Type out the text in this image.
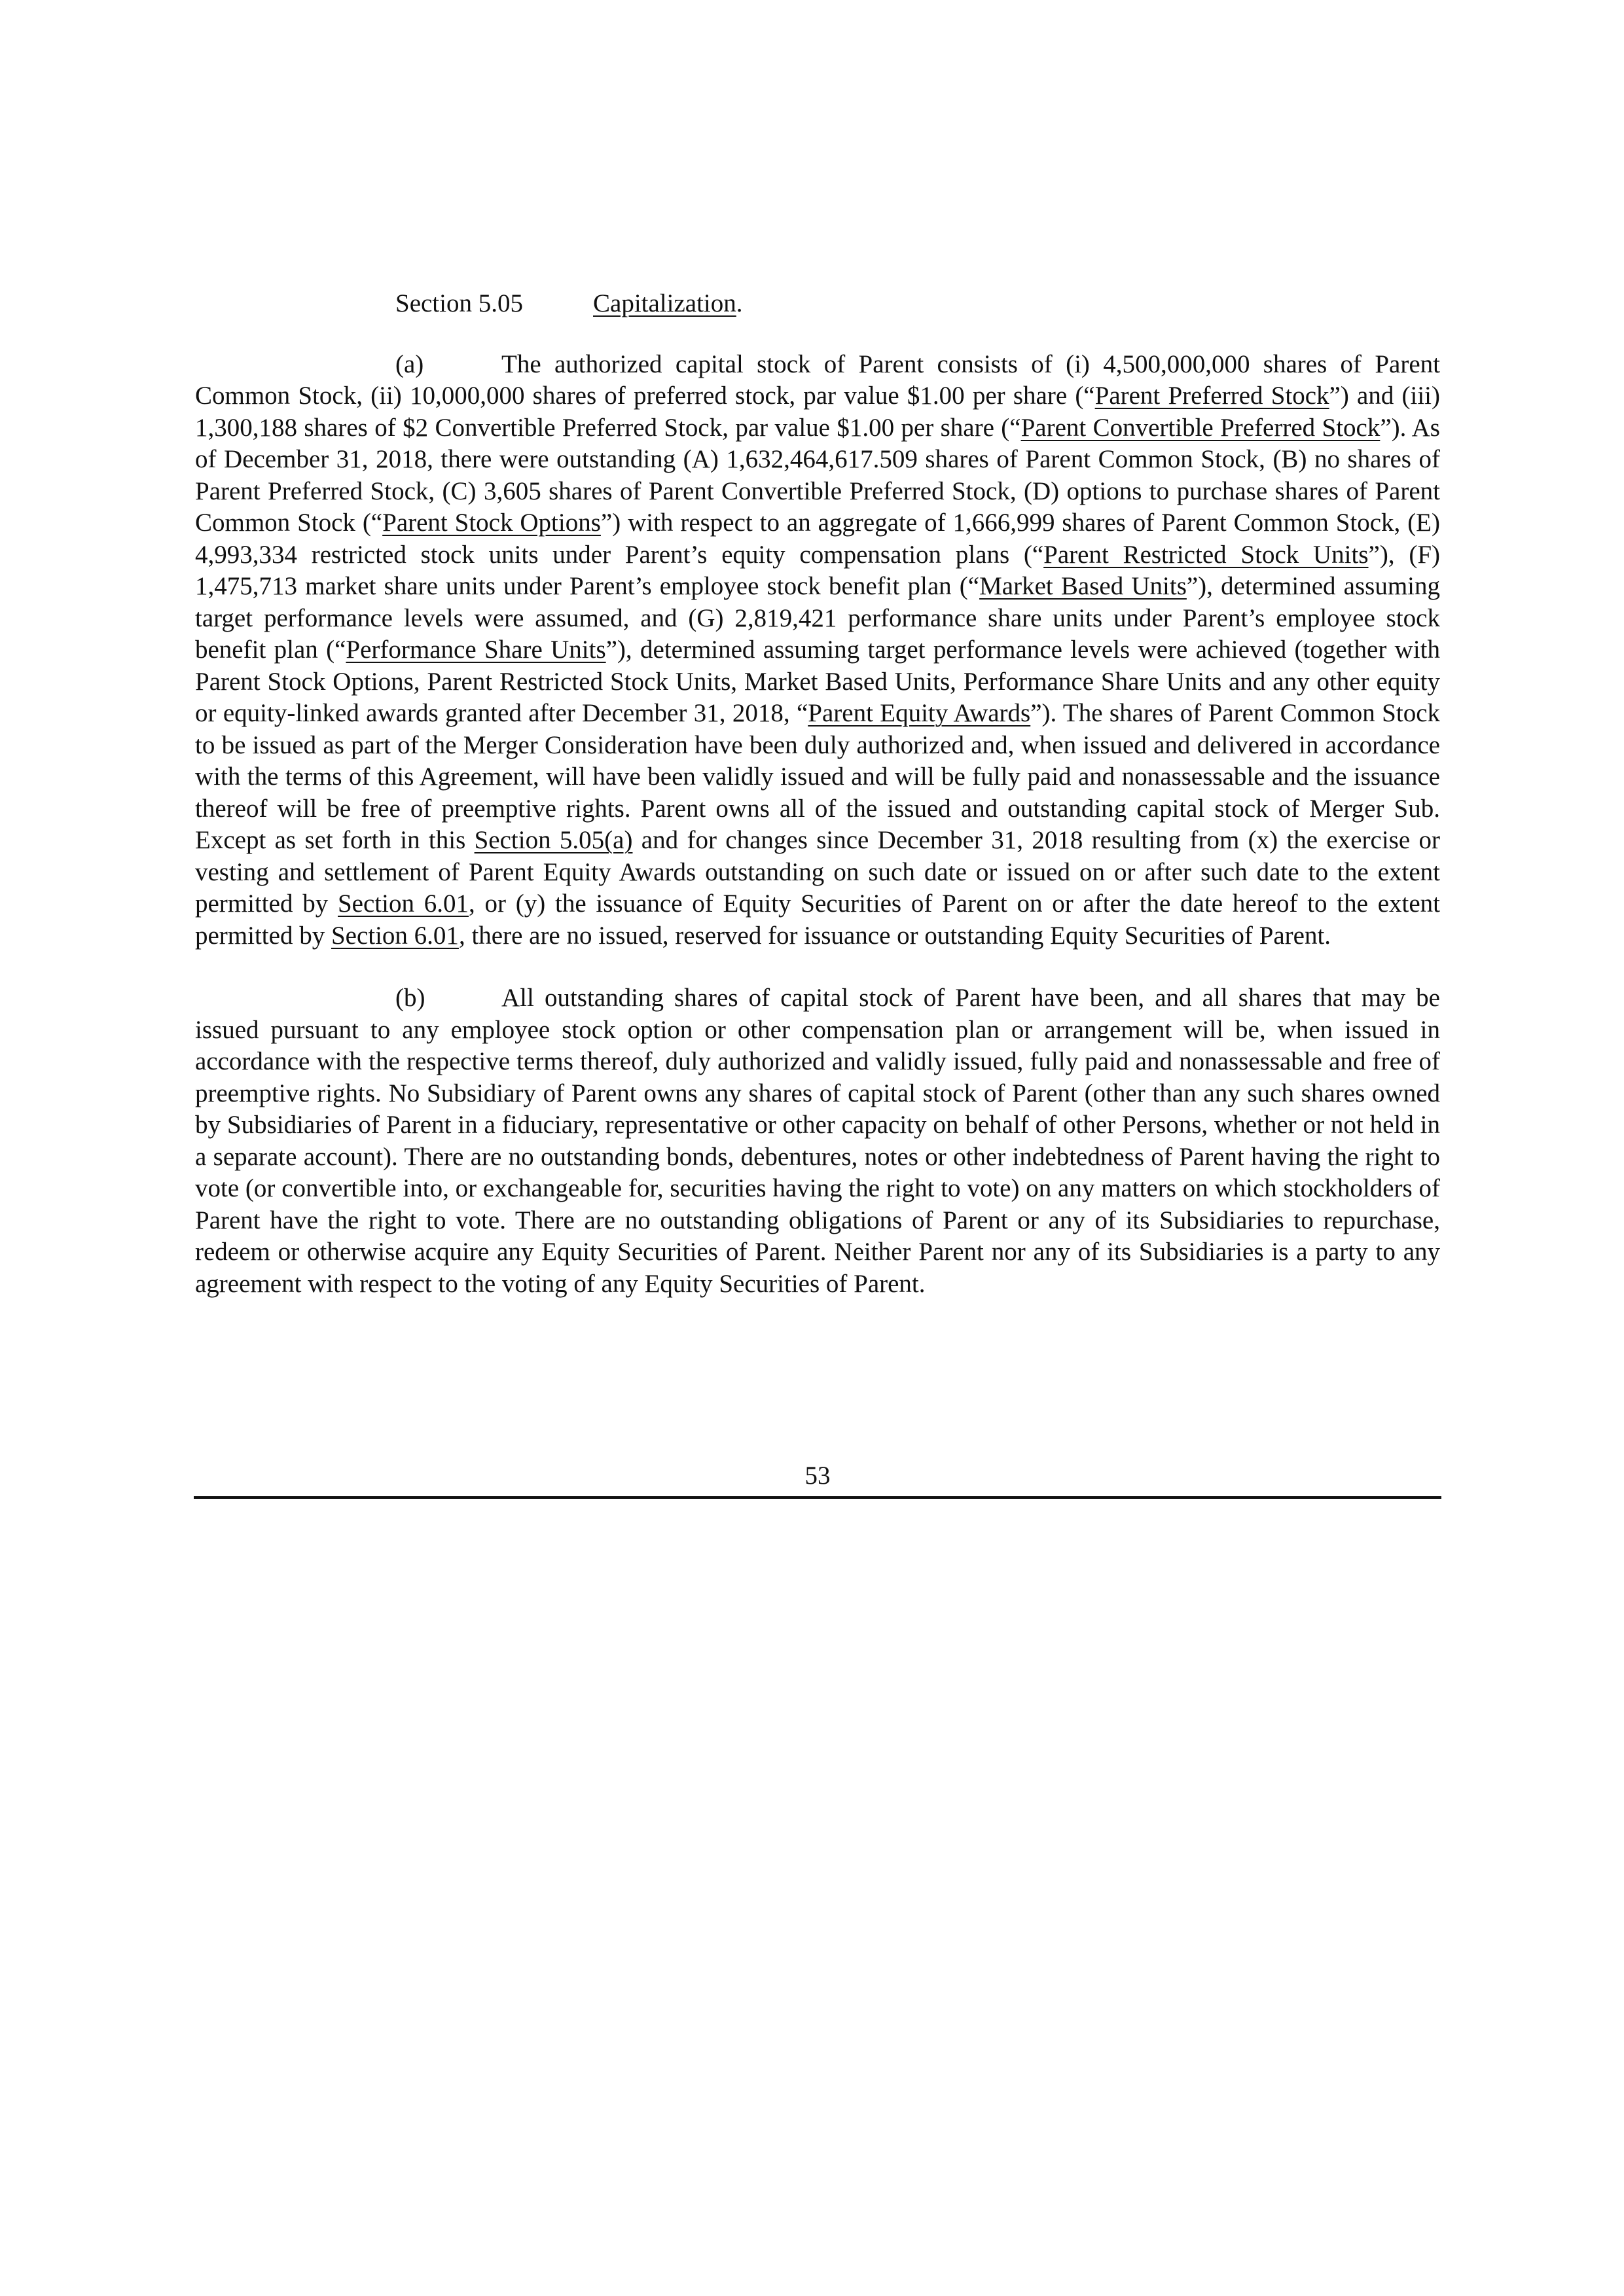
Section 5.05	Capitalization.

(a)	The authorized capital stock of Parent consists of (i) 4,500,000,000 shares of Parent Common Stock, (ii) 10,000,000 shares of preferred stock, par value $1.00 per share (“Parent Preferred Stock”) and (iii) 1,300,188 shares of $2 Convertible Preferred Stock, par value $1.00 per share (“Parent Convertible Preferred Stock”). As of December 31, 2018, there were outstanding (A) 1,632,464,617.509 shares of Parent Common Stock, (B) no shares of Parent Preferred Stock, (C) 3,605 shares of Parent Convertible Preferred Stock, (D) options to purchase shares of Parent Common Stock (“Parent Stock Options”) with respect to an aggregate of 1,666,999 shares of Parent Common Stock, (E) 4,993,334 restricted stock units under Parent’s equity compensation plans (“Parent Restricted Stock Units”), (F) 1,475,713 market share units under Parent’s employee stock benefit plan (“Market Based Units”), determined assuming target performance levels were assumed, and (G) 2,819,421 performance share units under Parent’s employee stock benefit plan (“Performance Share Units”), determined assuming target performance levels were achieved (together with Parent Stock Options, Parent Restricted Stock Units, Market Based Units, Performance Share Units and any other equity or equity-linked awards granted after December 31, 2018, “Parent Equity Awards”). The shares of Parent Common Stock to be issued as part of the Merger Consideration have been duly authorized and, when issued and delivered in accordance with the terms of this Agreement, will have been validly issued and will be fully paid and nonassessable and the issuance thereof will be free of preemptive rights. Parent owns all of the issued and outstanding capital stock of Merger Sub. Except as set forth in this Section 5.05(a) and for changes since December 31, 2018 resulting from (x) the exercise or vesting and settlement of Parent Equity Awards outstanding on such date or issued on or after such date to the extent permitted by Section 6.01, or (y) the issuance of Equity Securities of Parent on or after the date hereof to the extent permitted by Section 6.01, there are no issued, reserved for issuance or outstanding Equity Securities of Parent.

(b)	All outstanding shares of capital stock of Parent have been, and all shares that may be issued pursuant to any employee stock option or other compensation plan or arrangement will be, when issued in accordance with the respective terms thereof, duly authorized and validly issued, fully paid and nonassessable and free of preemptive rights. No Subsidiary of Parent owns any shares of capital stock of Parent (other than any such shares owned by Subsidiaries of Parent in a fiduciary, representative or other capacity on behalf of other Persons, whether or not held in a separate account). There are no outstanding bonds, debentures, notes or other indebtedness of Parent having the right to vote (or convertible into, or exchangeable for, securities having the right to vote) on any matters on which stockholders of Parent have the right to vote. There are no outstanding obligations of Parent or any of its Subsidiaries to repurchase, redeem or otherwise acquire any Equity Securities of Parent. Neither Parent nor any of its Subsidiaries is a party to any agreement with respect to the voting of any Equity Securities of Parent.

53
